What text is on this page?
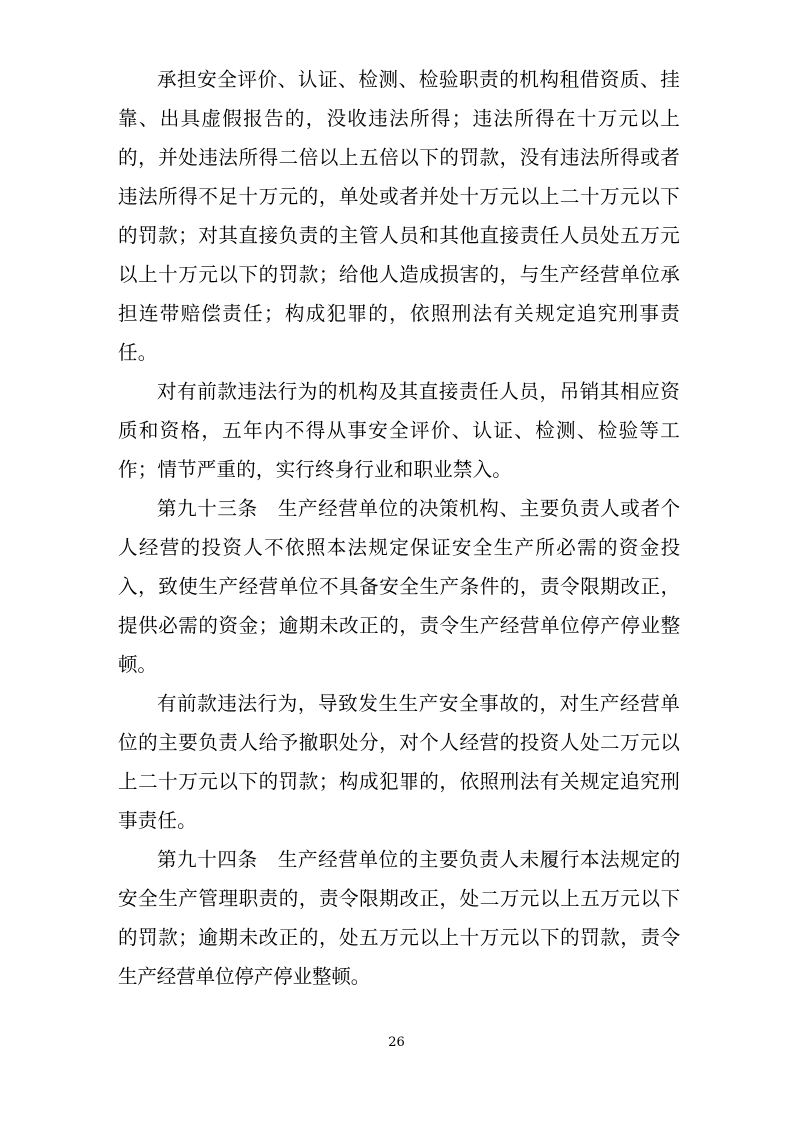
承担安全评价、认证、检测、检验职责的机构租借资质、挂靠、出具虚假报告的，没收违法所得；违法所得在十万元以上的，并处违法所得二倍以上五倍以下的罚款，没有违法所得或者违法所得不足十万元的，单处或者并处十万元以上二十万元以下的罚款；对其直接负责的主管人员和其他直接责任人员处五万元以上十万元以下的罚款；给他人造成损害的，与生产经营单位承担连带赔偿责任；构成犯罪的，依照刑法有关规定追究刑事责任。

对有前款违法行为的机构及其直接责任人员，吊销其相应资质和资格，五年内不得从事安全评价、认证、检测、检验等工作；情节严重的，实行终身行业和职业禁入。

第九十三条　生产经营单位的决策机构、主要负责人或者个人经营的投资人不依照本法规定保证安全生产所必需的资金投入，致使生产经营单位不具备安全生产条件的，责令限期改正，提供必需的资金；逾期未改正的，责令生产经营单位停产停业整顿。

有前款违法行为，导致发生生产安全事故的，对生产经营单位的主要负责人给予撤职处分，对个人经营的投资人处二万元以上二十万元以下的罚款；构成犯罪的，依照刑法有关规定追究刑事责任。

第九十四条　生产经营单位的主要负责人未履行本法规定的安全生产管理职责的，责令限期改正，处二万元以上五万元以下的罚款；逾期未改正的，处五万元以上十万元以下的罚款，责令生产经营单位停产停业整顿。

26
